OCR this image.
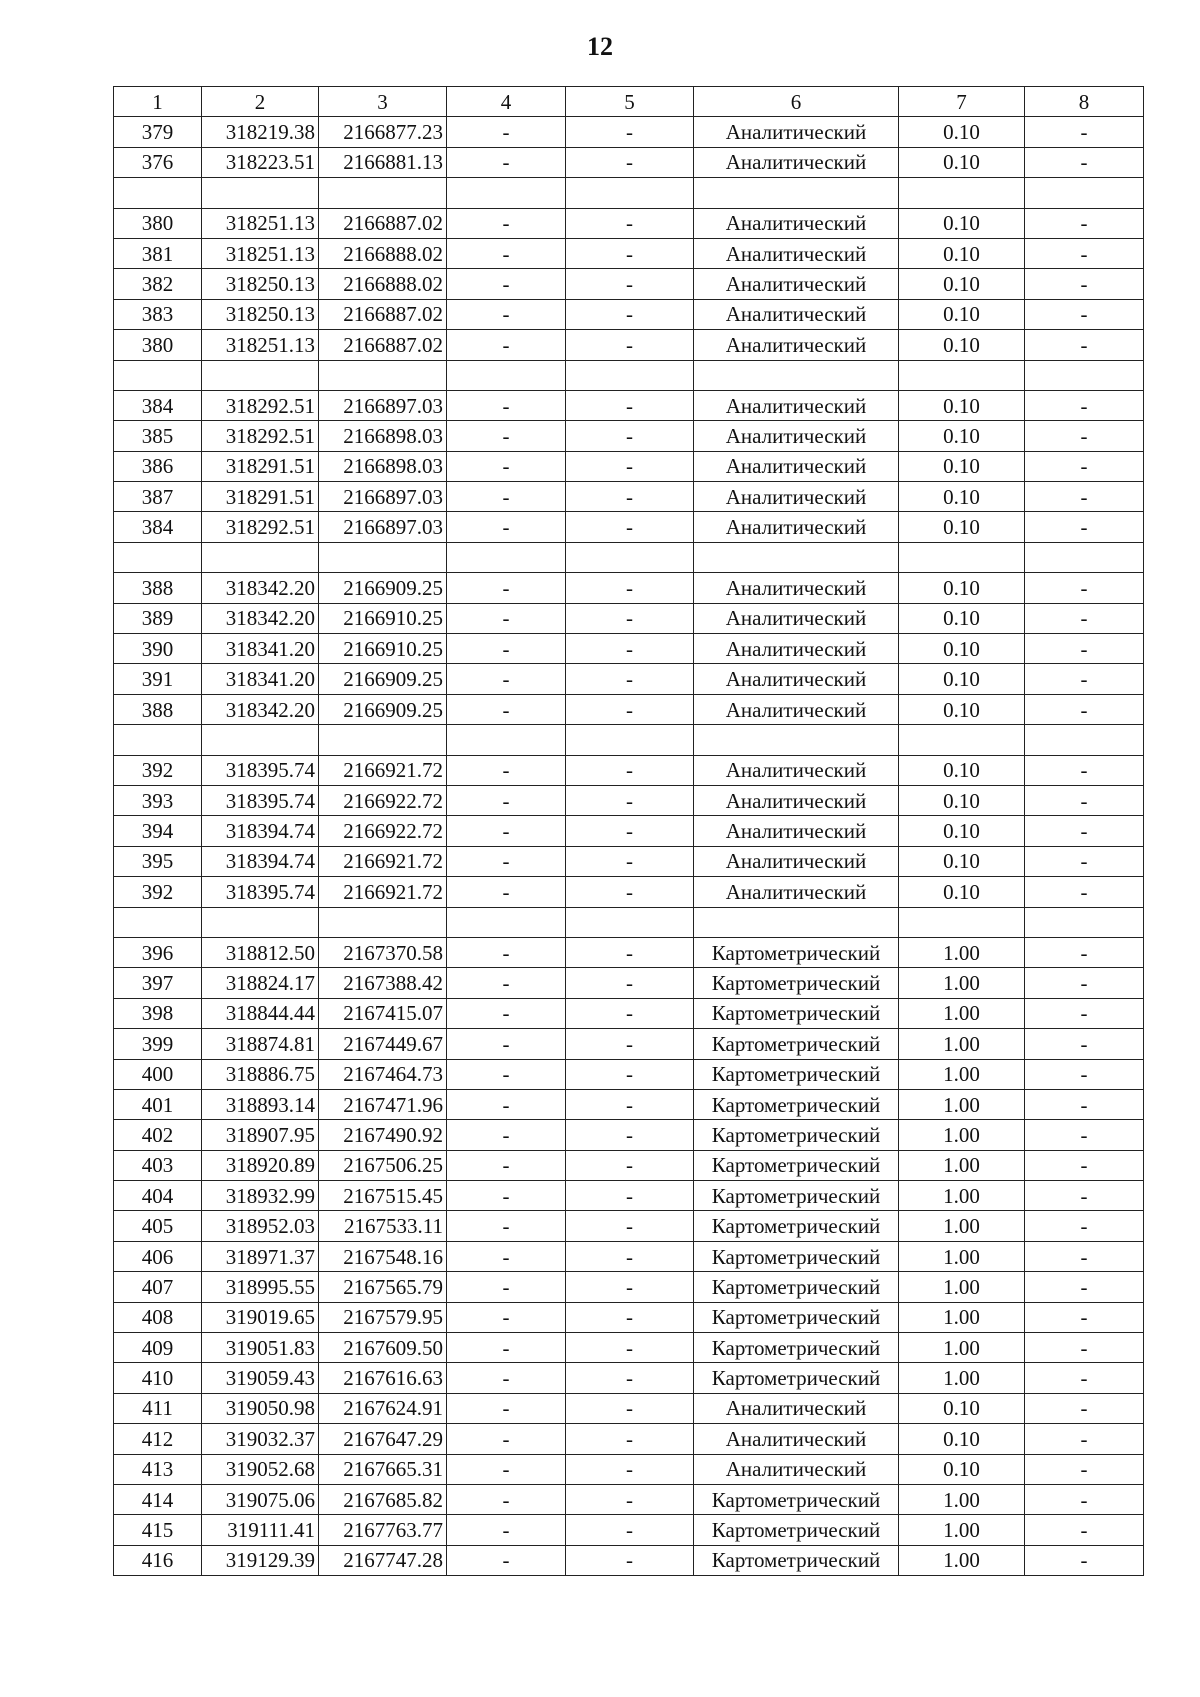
12
1	2	3	4	5	6	7	8
379	318219.38	2166877.23	-	-	Аналитический	0.10	-
376	318223.51	2166881.13	-	-	Аналитический	0.10	-

380	318251.13	2166887.02	-	-	Аналитический	0.10	-
381	318251.13	2166888.02	-	-	Аналитический	0.10	-
382	318250.13	2166888.02	-	-	Аналитический	0.10	-
383	318250.13	2166887.02	-	-	Аналитический	0.10	-
380	318251.13	2166887.02	-	-	Аналитический	0.10	-

384	318292.51	2166897.03	-	-	Аналитический	0.10	-
385	318292.51	2166898.03	-	-	Аналитический	0.10	-
386	318291.51	2166898.03	-	-	Аналитический	0.10	-
387	318291.51	2166897.03	-	-	Аналитический	0.10	-
384	318292.51	2166897.03	-	-	Аналитический	0.10	-

388	318342.20	2166909.25	-	-	Аналитический	0.10	-
389	318342.20	2166910.25	-	-	Аналитический	0.10	-
390	318341.20	2166910.25	-	-	Аналитический	0.10	-
391	318341.20	2166909.25	-	-	Аналитический	0.10	-
388	318342.20	2166909.25	-	-	Аналитический	0.10	-

392	318395.74	2166921.72	-	-	Аналитический	0.10	-
393	318395.74	2166922.72	-	-	Аналитический	0.10	-
394	318394.74	2166922.72	-	-	Аналитический	0.10	-
395	318394.74	2166921.72	-	-	Аналитический	0.10	-
392	318395.74	2166921.72	-	-	Аналитический	0.10	-

396	318812.50	2167370.58	-	-	Картометрический	1.00	-
397	318824.17	2167388.42	-	-	Картометрический	1.00	-
398	318844.44	2167415.07	-	-	Картометрический	1.00	-
399	318874.81	2167449.67	-	-	Картометрический	1.00	-
400	318886.75	2167464.73	-	-	Картометрический	1.00	-
401	318893.14	2167471.96	-	-	Картометрический	1.00	-
402	318907.95	2167490.92	-	-	Картометрический	1.00	-
403	318920.89	2167506.25	-	-	Картометрический	1.00	-
404	318932.99	2167515.45	-	-	Картометрический	1.00	-
405	318952.03	2167533.11	-	-	Картометрический	1.00	-
406	318971.37	2167548.16	-	-	Картометрический	1.00	-
407	318995.55	2167565.79	-	-	Картометрический	1.00	-
408	319019.65	2167579.95	-	-	Картометрический	1.00	-
409	319051.83	2167609.50	-	-	Картометрический	1.00	-
410	319059.43	2167616.63	-	-	Картометрический	1.00	-
411	319050.98	2167624.91	-	-	Аналитический	0.10	-
412	319032.37	2167647.29	-	-	Аналитический	0.10	-
413	319052.68	2167665.31	-	-	Аналитический	0.10	-
414	319075.06	2167685.82	-	-	Картометрический	1.00	-
415	319111.41	2167763.77	-	-	Картометрический	1.00	-
416	319129.39	2167747.28	-	-	Картометрический	1.00	-
